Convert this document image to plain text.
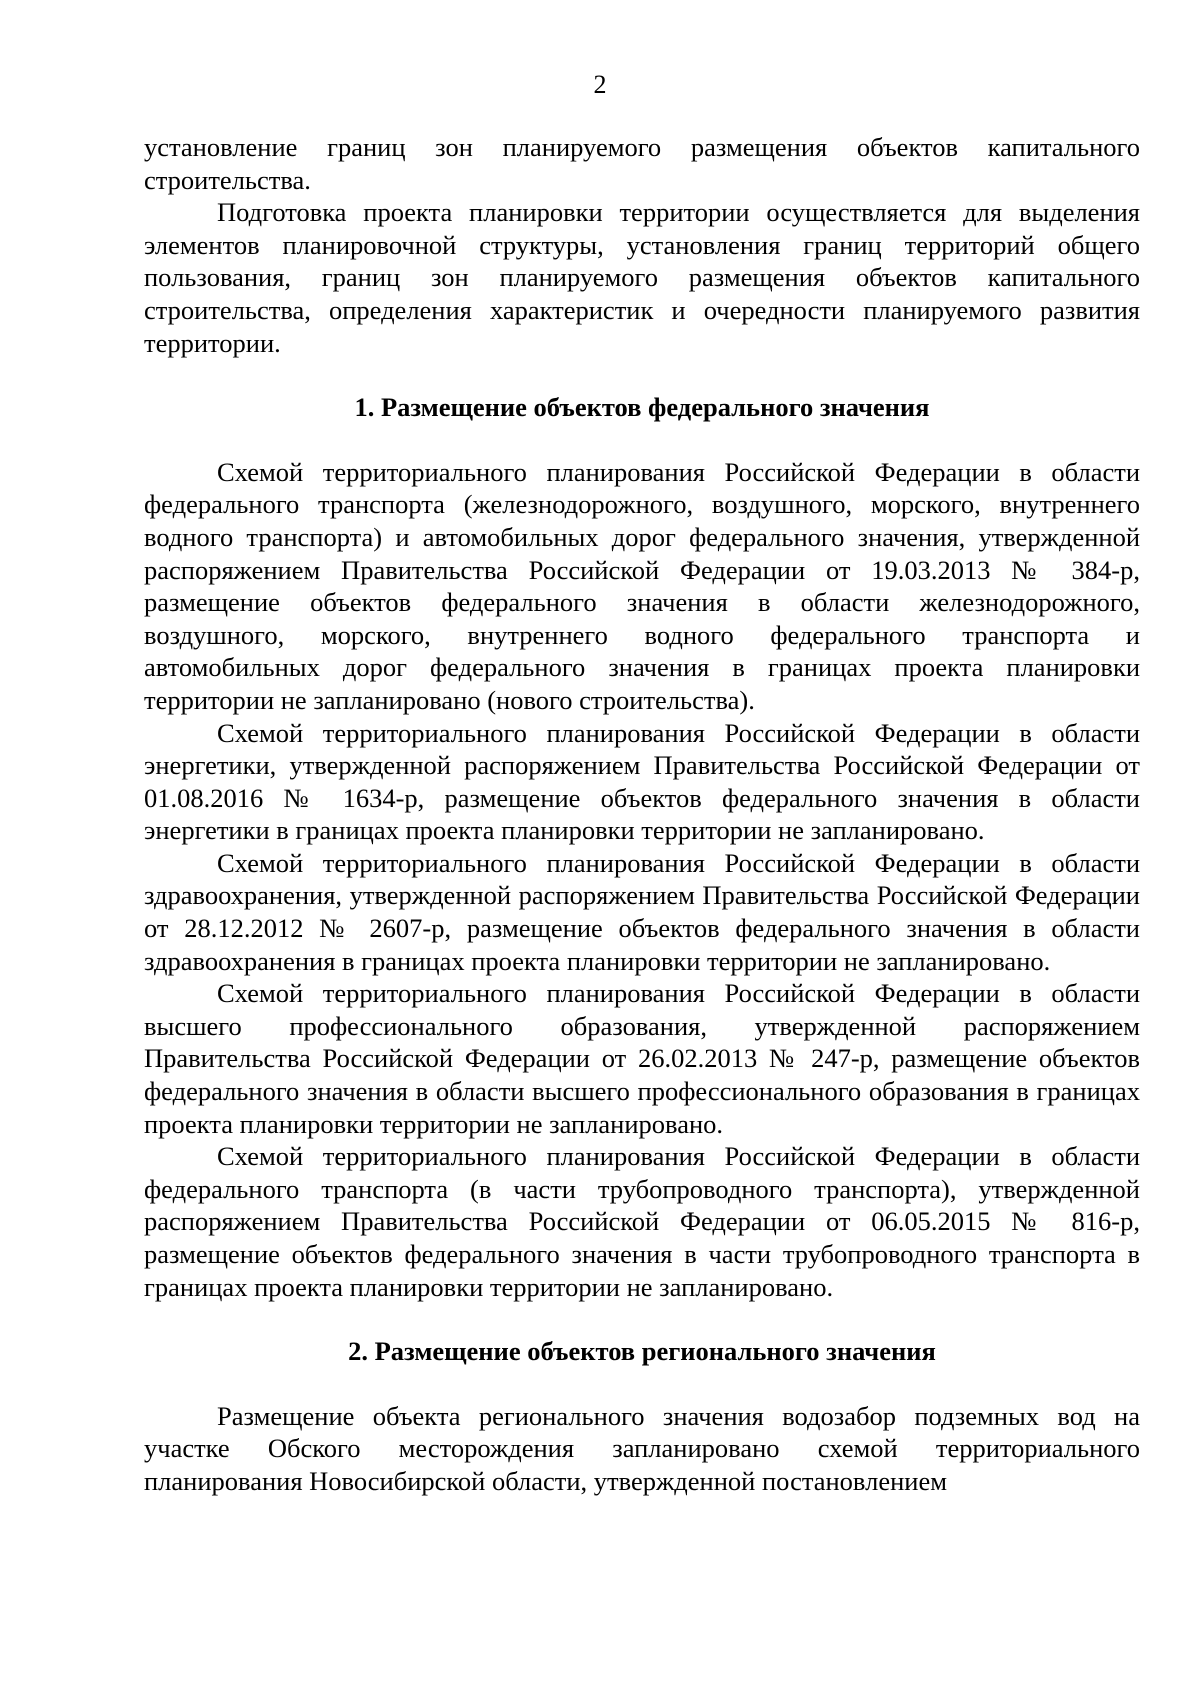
2

установление границ зон планируемого размещения объектов капитального строительства.

Подготовка проекта планировки территории осуществляется для выделения элементов планировочной структуры, установления границ территорий общего пользования, границ зон планируемого размещения объектов капитального строительства, определения характеристик и очередности планируемого развития территории.

1. Размещение объектов федерального значения

Схемой территориального планирования Российской Федерации в области федерального транспорта (железнодорожного, воздушного, морского, внутреннего водного транспорта) и автомобильных дорог федерального значения, утвержденной распоряжением Правительства Российской Федерации от 19.03.2013 № 384-р, размещение объектов федерального значения в области железнодорожного, воздушного, морского, внутреннего водного федерального транспорта и автомобильных дорог федерального значения в границах проекта планировки территории не запланировано (нового строительства).

Схемой территориального планирования Российской Федерации в области энергетики, утвержденной распоряжением Правительства Российской Федерации от 01.08.2016 № 1634-р, размещение объектов федерального значения в области энергетики в границах проекта планировки территории не запланировано.

Схемой территориального планирования Российской Федерации в области здравоохранения, утвержденной распоряжением Правительства Российской Федерации от 28.12.2012 № 2607-р, размещение объектов федерального значения в области здравоохранения в границах проекта планировки территории не запланировано.

Схемой территориального планирования Российской Федерации в области высшего профессионального образования, утвержденной распоряжением Правительства Российской Федерации от 26.02.2013 № 247-р, размещение объектов федерального значения в области высшего профессионального образования в границах проекта планировки территории не запланировано.

Схемой территориального планирования Российской Федерации в области федерального транспорта (в части трубопроводного транспорта), утвержденной распоряжением Правительства Российской Федерации от 06.05.2015 № 816-р, размещение объектов федерального значения в части трубопроводного транспорта в границах проекта планировки территории не запланировано.

2. Размещение объектов регионального значения

Размещение объекта регионального значения водозабор подземных вод на участке Обского месторождения запланировано схемой территориального планирования Новосибирской области, утвержденной постановлением
